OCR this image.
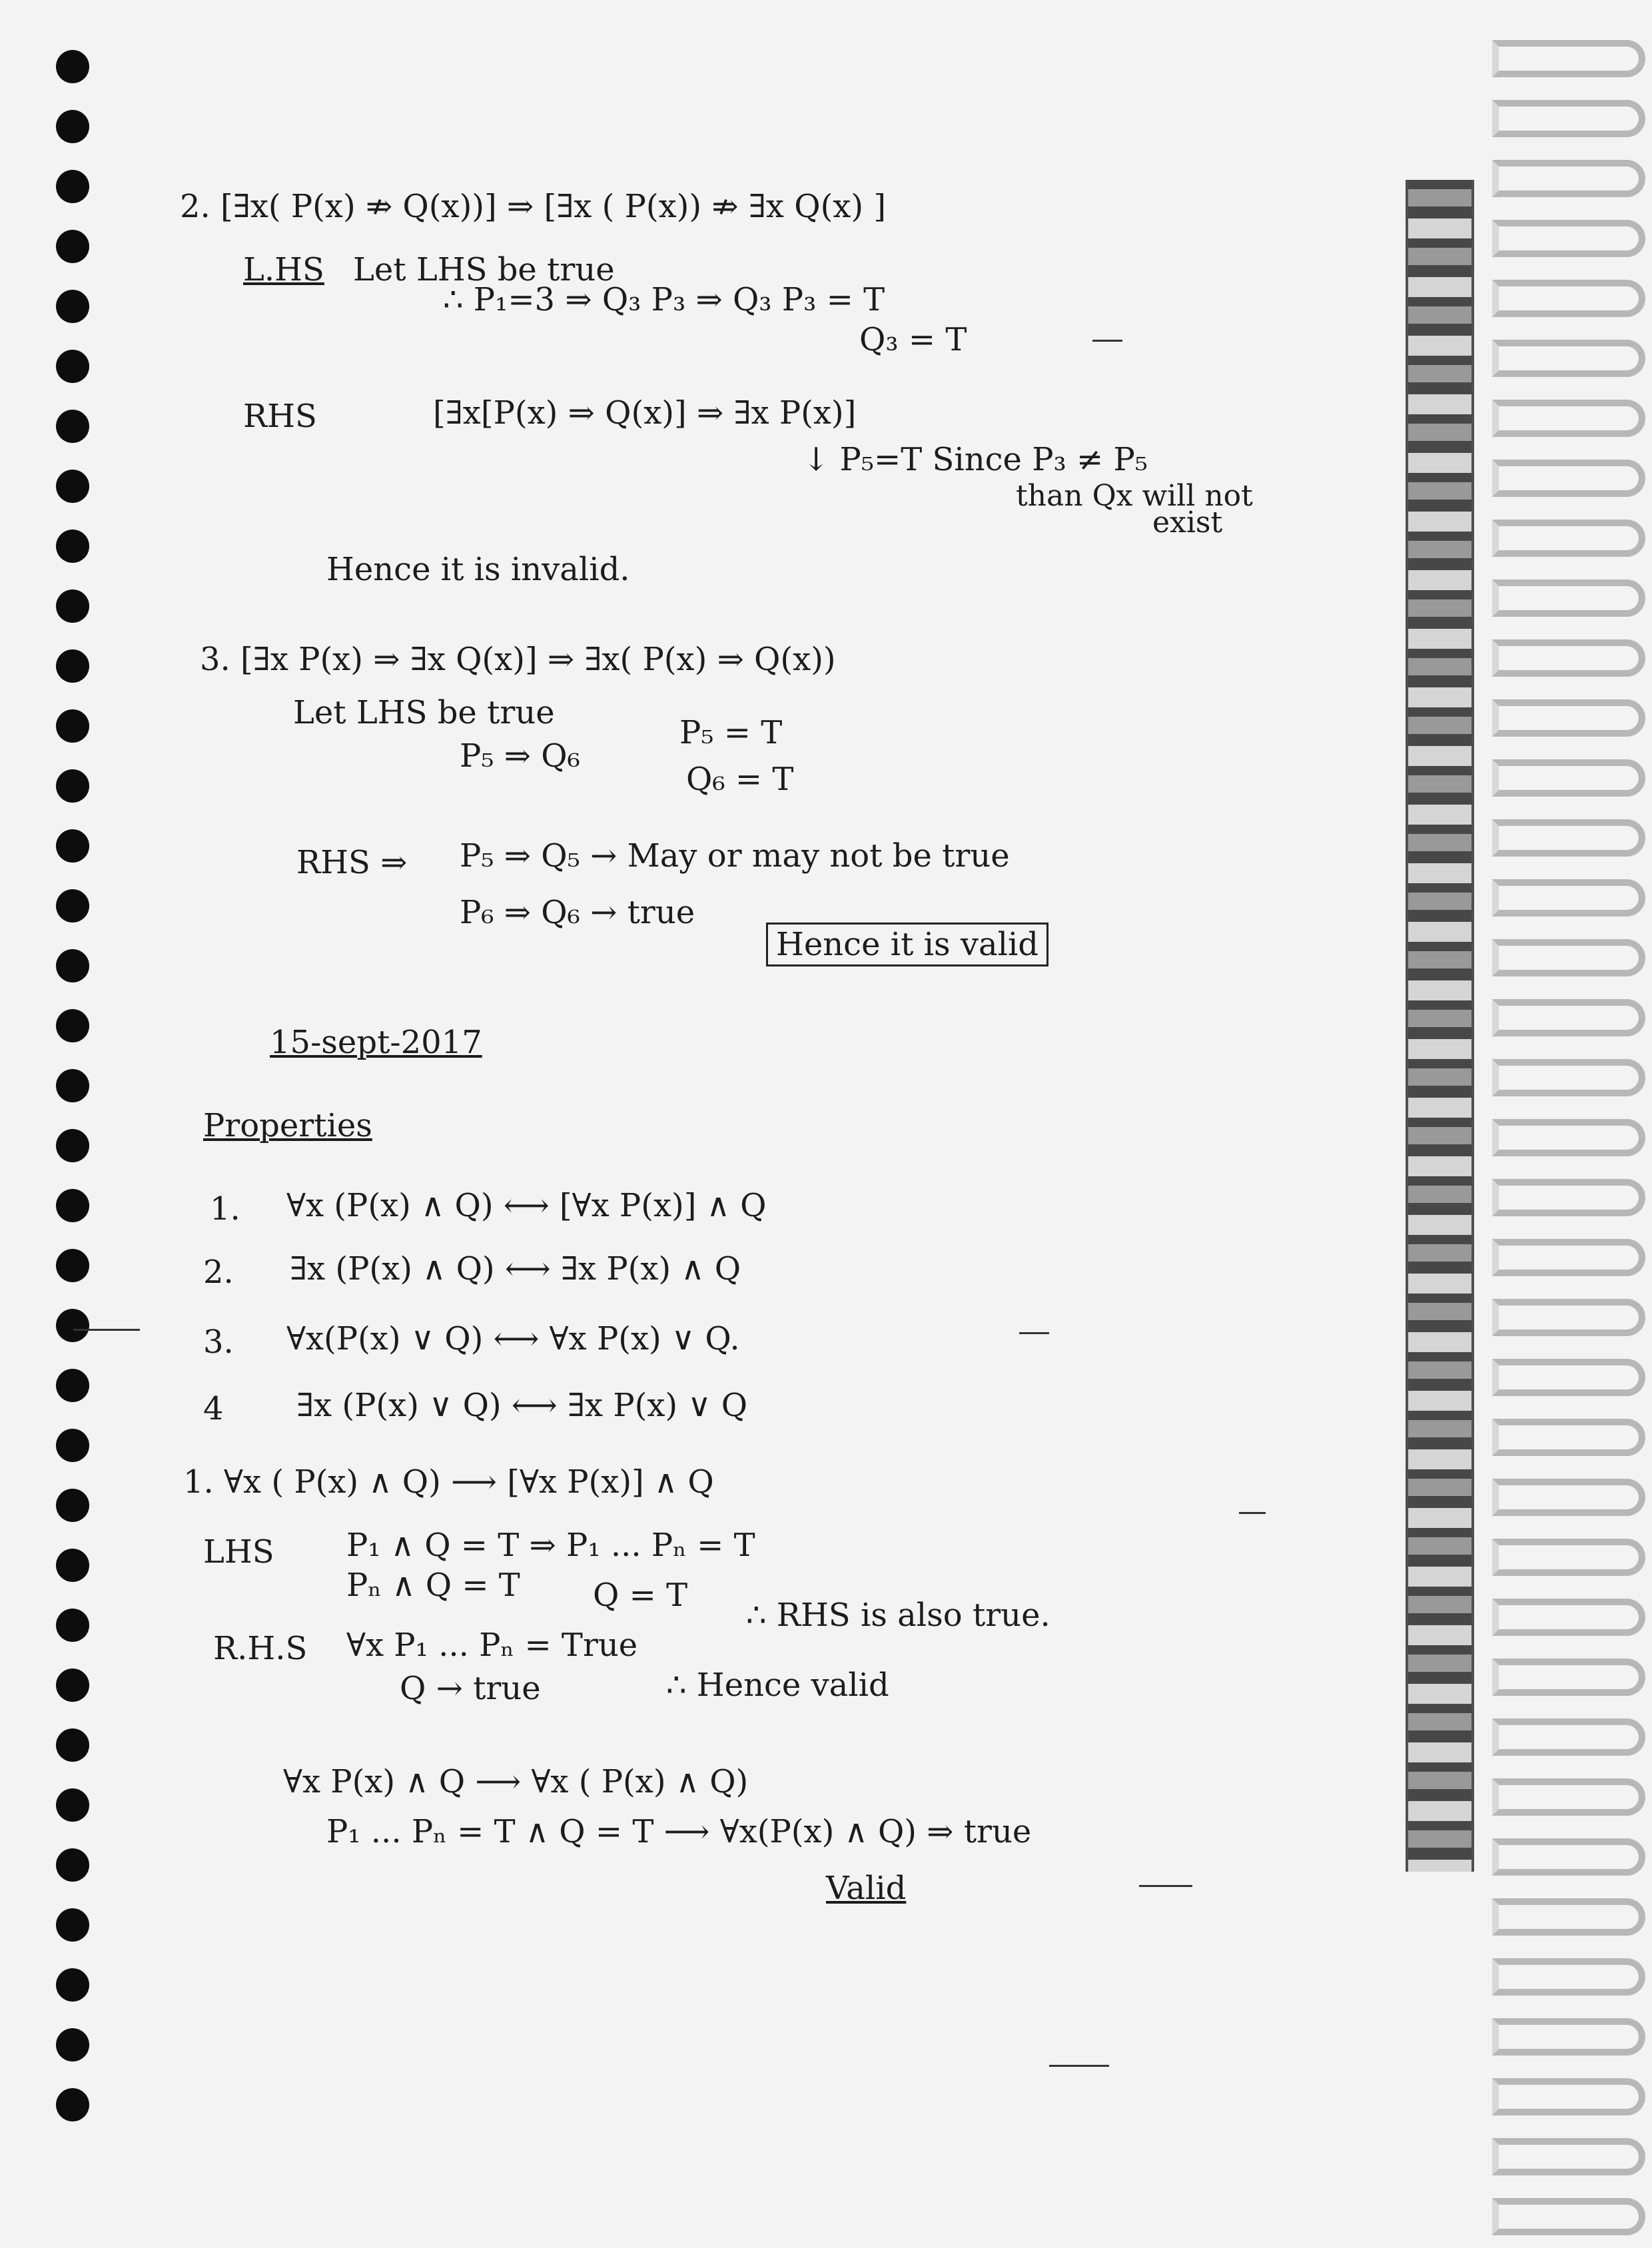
2. [∃x( P(x) ⇏ Q(x))] ⇒ [∃x ( P(x)) ⇏ ∃x Q(x) ]
L.HS Let LHS be true
∴ P₁=3 ⇒ Q₃ P₃ ⇒ Q₃ P₃ = T
Q₃ = T
RHS	[∃x[P(x) ⇒ Q(x)] ⇒ ∃x P(x)]
↓ P₅=T Since P₃ ≠ P₅
than Qx will not
exist
Hence it is invalid.
3. [∃x P(x) ⇒ ∃x Q(x)] ⇒ ∃x( P(x) ⇒ Q(x))
Let LHS be true
P₅ ⇒ Q₆
P₅ = T
Q₆ = T
RHS ⇒ P₅ ⇒ Q₅ → May or may not be true
P₆ ⇒ Q₆ → true
Hence it is valid
15-sept-2017
Properties
1. ∀x (P(x) ∧ Q) ⟷ [∀x P(x)] ∧ Q
2. ∃x (P(x) ∧ Q) ⟷ ∃x P(x) ∧ Q
3. ∀x(P(x) ∨ Q) ⟷ ∀x P(x) ∨ Q.
4 ∃x (P(x) ∨ Q) ⟷ ∃x P(x) ∨ Q
1. ∀x ( P(x) ∧ Q) ⟶ [∀x P(x)] ∧ Q
LHS P₁ ∧ Q = T ⇒ P₁ ... Pₙ = T
Pₙ ∧ Q = T Q = T
∴ RHS is also true.
R.H.S ∀x P₁ ... Pₙ = True
Q → true	∴ Hence valid
∀x P(x) ∧ Q ⟶ ∀x ( P(x) ∧ Q)
P₁ ... Pₙ = T ∧ Q = T ⟶ ∀x(P(x) ∧ Q) ⇒ true
Valid
